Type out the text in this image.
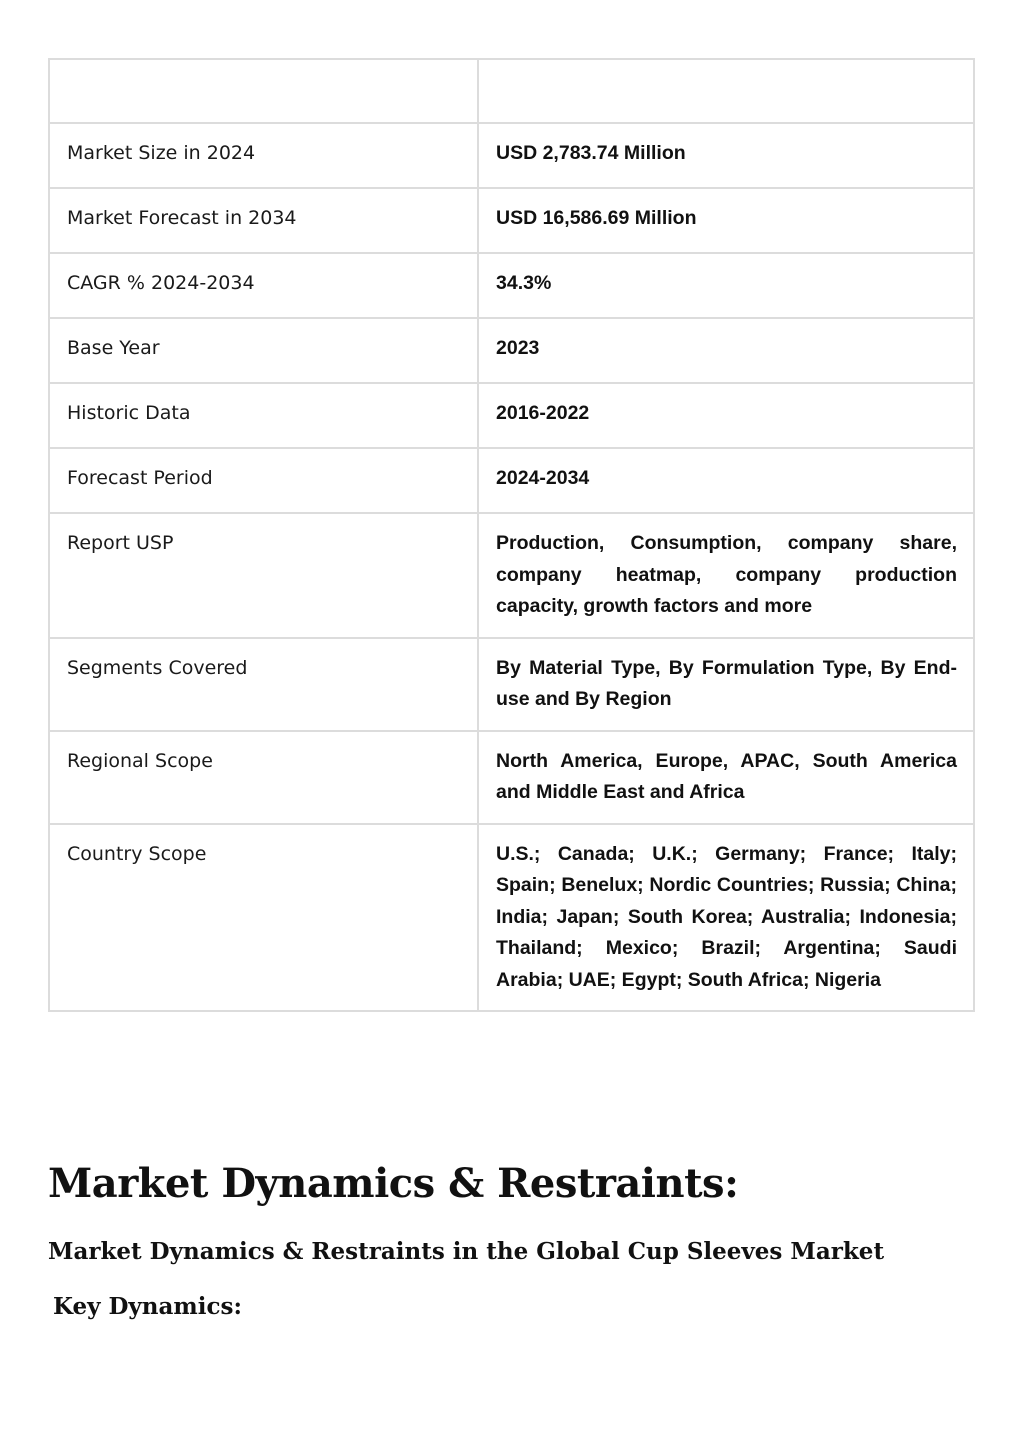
Market Size in 2024	USD 2,783.74 Million
Market Forecast in 2034	USD 16,586.69 Million
CAGR % 2024-2034	34.3%
Base Year	2023
Historic Data	2016-2022
Forecast Period	2024-2034
Report USP	Production, Consumption, company share, company heatmap, company production capacity, growth factors and more
Segments Covered	By Material Type, By Formulation Type, By End-use and By Region
Regional Scope	North America, Europe, APAC, South America and Middle East and Africa
Country Scope	U.S.; Canada; U.K.; Germany; France; Italy; Spain; Benelux; Nordic Countries; Russia; China; India; Japan; South Korea; Australia; Indonesia; Thailand; Mexico; Brazil; Argentina; Saudi Arabia; UAE; Egypt; South Africa; Nigeria
Market Dynamics & Restraints:
Market Dynamics & Restraints in the Global Cup Sleeves Market
Key Dynamics:
